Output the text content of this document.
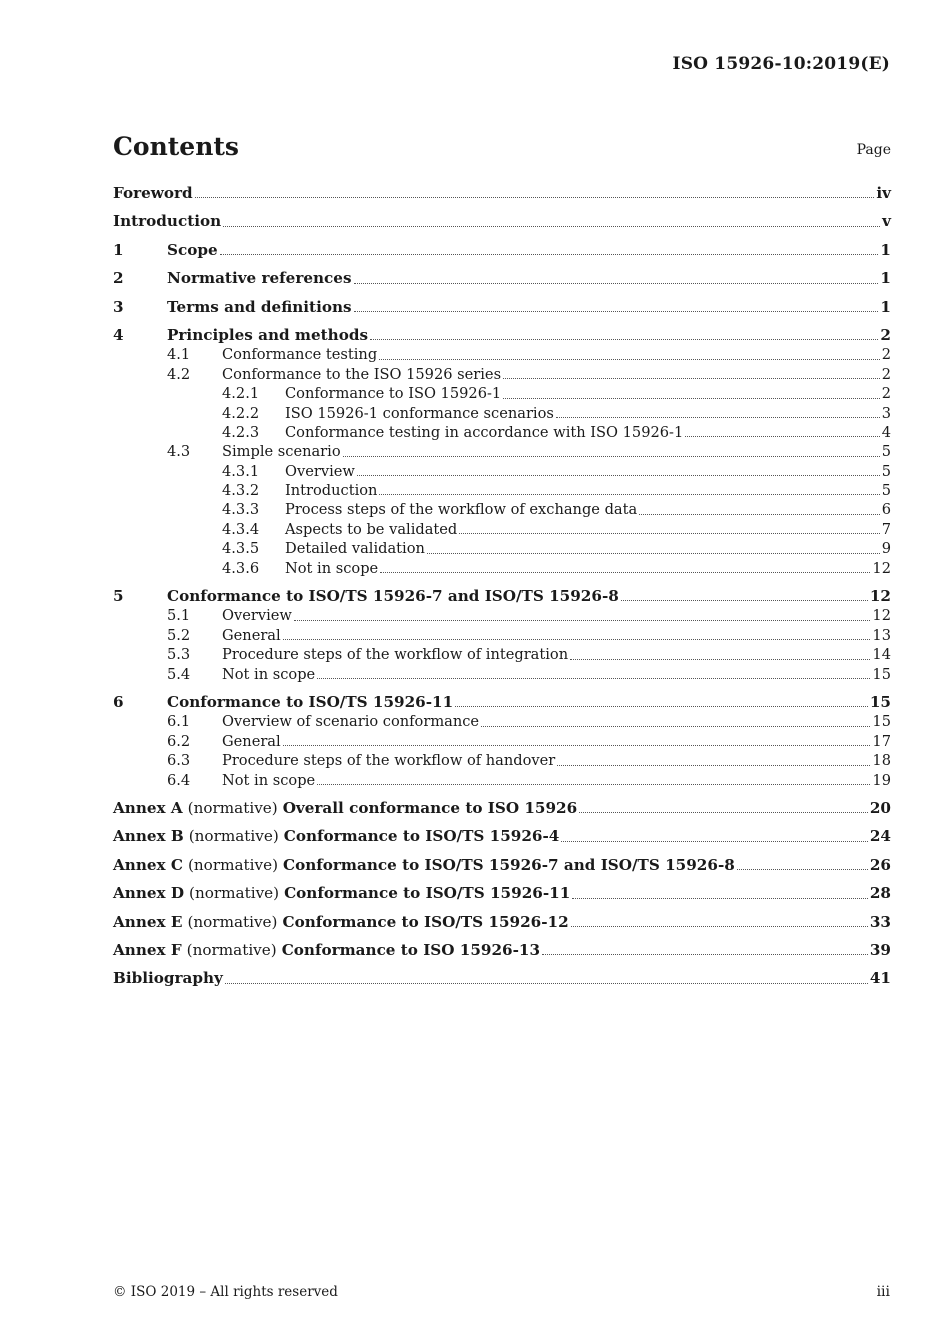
ISO 15926-10:2019(E)
Contents	Page
Foreword	iv
Introduction	v
1	Scope	1
2	Normative references	1
3	Terms and definitions	1
4	Principles and methods	2
4.1	Conformance testing	2
4.2	Conformance to the ISO 15926 series	2
4.2.1	Conformance to ISO 15926-1	2
4.2.2	ISO 15926-1 conformance scenarios	3
4.2.3	Conformance testing in accordance with ISO 15926-1	4
4.3	Simple scenario	5
4.3.1	Overview	5
4.3.2	Introduction	5
4.3.3	Process steps of the workflow of exchange data	6
4.3.4	Aspects to be validated	7
4.3.5	Detailed validation	9
4.3.6	Not in scope	12
5	Conformance to ISO/TS 15926-7 and ISO/TS 15926-8	12
5.1	Overview	12
5.2	General	13
5.3	Procedure steps of the workflow of integration	14
5.4	Not in scope	15
6	Conformance to ISO/TS 15926-11	15
6.1	Overview of scenario conformance	15
6.2	General	17
6.3	Procedure steps of the workflow of handover	18
6.4	Not in scope	19
Annex A (normative) Overall conformance to ISO 15926	20
Annex B (normative) Conformance to ISO/TS 15926-4	24
Annex C (normative) Conformance to ISO/TS 15926-7 and ISO/TS 15926-8	26
Annex D (normative) Conformance to ISO/TS 15926-11	28
Annex E (normative) Conformance to ISO/TS 15926-12	33
Annex F (normative) Conformance to ISO 15926-13	39
Bibliography	41
© ISO 2019 – All rights reserved	iii
